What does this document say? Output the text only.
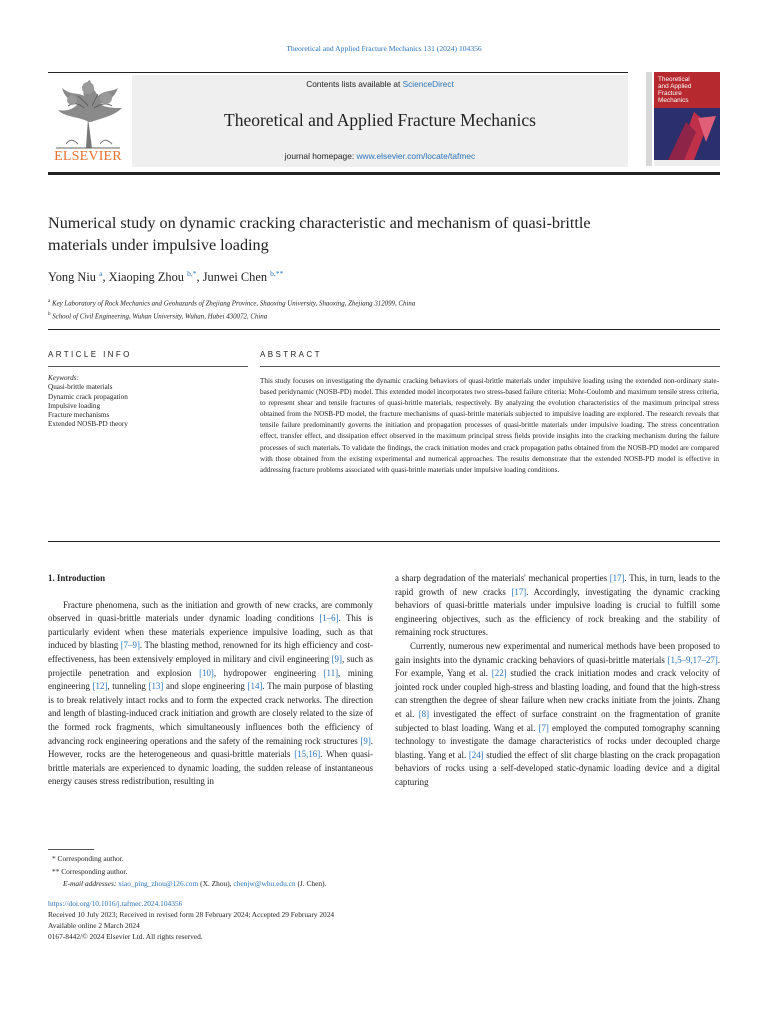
Theoretical and Applied Fracture Mechanics 131 (2024) 104356
ELSEVIER
Contents lists available at ScienceDirect
Theoretical and Applied Fracture Mechanics
journal homepage: www.elsevier.com/locate/tafmec
Theoretical
and Applied
Fracture
Mechanics
Numerical study on dynamic cracking characteristic and mechanism of quasi-brittle materials under impulsive loading
Yong Niu $^a$, Xiaoping Zhou $^{b,*}$, Junwei Chen $^{b,**}$
$^a$ Key Laboratory of Rock Mechanics and Geohazards of Zhejiang Province, Shaoxing University, Shaoxing, Zhejiang 312099, China
$^b$ School of Civil Engineering, Wuhan University, Wuhan, Hubei 430072, China
ARTICLE INFO	ABSTRACT
Keywords:
Quasi-brittle materials
Dynamic crack propagation
Impulsive loading
Fracture mechanisms
Extended NOSB-PD theory
This study focuses on investigating the dynamic cracking behaviors of quasi-brittle materials under impulsive loading using the extended non-ordinary state-based peridynamic (NOSB-PD) model. This extended model incorporates two stress-based failure criteria: Mohr-Coulomb and maximum tensile stress criteria, to represent shear and tensile fractures of quasi-brittle materials, respectively. By analyzing the evolution characteristics of the maximum principal stress obtained from the NOSB-PD model, the fracture mechanisms of quasi-brittle materials subjected to impulsive loading are explored. The research reveals that tensile failure predominantly governs the initiation and propagation processes of quasi-brittle materials under impulsive loading. The stress concentration effect, transfer effect, and dissipation effect observed in the maximum principal stress fields provide insights into the cracking mechanism during the failure processes of such materials. To validate the findings, the crack initiation modes and crack propagation paths obtained from the NOSB-PD model are compared with those obtained from the existing experimental and numerical approaches. The results demonstrate that the extended NOSB-PD model is effective in addressing fracture problems associated with quasi-brittle materials under impulsive loading conditions.

1. Introduction

Fracture phenomena, such as the initiation and growth of new cracks, are commonly observed in quasi-brittle materials under dynamic loading conditions [1–6]. This is particularly evident when these materials experience impulsive loading, such as that induced by blasting [7–9]. The blasting method, renowned for its high efficiency and cost-effectiveness, has been extensively employed in military and civil engineering [9], such as projectile penetration and explosion [10], hydropower engineering [11], mining engineering [12], tunneling [13] and slope engineering [14]. The main purpose of blasting is to break relatively intact rocks and to form the expected crack networks. The direction and length of blasting-induced crack initiation and growth are closely related to the size of the formed rock fragments, which simultaneously influences both the efficiency of advancing rock engineering operations and the safety of the remaining rock structures [9]. However, rocks are the heterogeneous and quasi-brittle materials [15,16]. When quasi-brittle materials are experienced to dynamic loading, the sudden release of instantaneous energy causes stress redistribution, resulting in

a sharp degradation of the materials' mechanical properties [17]. This, in turn, leads to the rapid growth of new cracks [17]. Accordingly, investigating the dynamic cracking behaviors of quasi-brittle materials under impulsive loading is crucial to fulfill some engineering objectives, such as the efficiency of rock breaking and the stability of remaining rock structures.

Currently, numerous new experimental and numerical methods have been proposed to gain insights into the dynamic cracking behaviors of quasi-brittle materials [1,5–9,17–27]. For example, Yang et al. [22] studied the crack initiation modes and crack velocity of jointed rock under coupled high-stress and blasting loading, and found that the high-stress can strengthen the degree of shear failure when new cracks initiate from the joints. Zhang et al. [8] investigated the effect of surface constraint on the fragmentation of granite subjected to blast loading. Wang et al. [7] employed the computed tomography scanning technology to investigate the damage characteristics of rocks under decoupled charge blasting. Yang et al. [24] studied the effect of slit charge blasting on the crack propagation behaviors of rocks using a self-developed static-dynamic loading device and a digital capturing

* Corresponding author.
** Corresponding author.
E-mail addresses: xiao_ping_zhou@126.com (X. Zhou), chenjw@whu.edu.cn (J. Chen).
https://doi.org/10.1016/j.tafmec.2024.104356
Received 10 July 2023; Received in revised form 28 February 2024; Accepted 29 February 2024
Available online 2 March 2024
0167-8442/© 2024 Elsevier Ltd. All rights reserved.
